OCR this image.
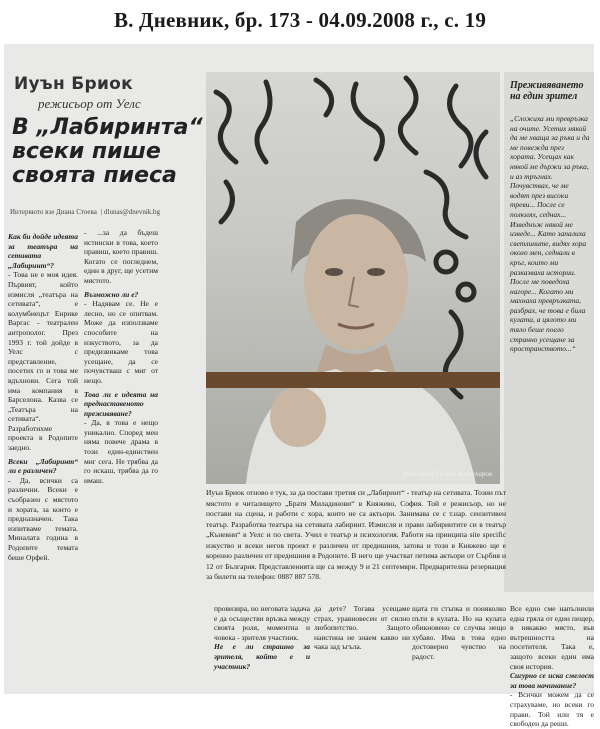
В. Дневник, бр. 173 - 04.09.2008 г., с. 19
Иуън Бриок
режисьор от Уелс
В „Лабиринта“ всеки пише своята пиеса
Интервюто взе Диана Стоева | dlunas@dnevnik.bg
Фотограф Георги Кожухаров
Преживяването на един зрител
„Сложиха ми превръзка на очите. Усетих някой да ме хваща за ръка и да ме повежда през хората. Усещах как някой ме държи за ръка, и аз тръгнах. Почувствах, че ме водят през високи треви... После се полюлях, седнах... Изведнъж някой ме изведе... Като запалиха светлините, видях хора около мен, седнали в кръг, които ми разказваха истории. После ме поведоха нагоре... Когато ми махнаха превръзката, разбрах, че това е била кулата, а цялото ми тяло беше поело странно усещане за пространството...“
Как би дойде идеята за театъра на сетивата „Лабиринт“?
- Това не е моя идея. Първият, който измисля „театъра на сетивата“, е колумбиецът Енрике Варгас - театрален антрополог. През 1993 г. той дойде в Уелс с представление, посетих го и това ме вдъхнови. Сега той има компания в Барселона. Казва се „Театъра на сетивата“. Разработихме проекта в Родопите заедно.
Всеки „Лабиринт“ ли е различен?
- Да, всички са различни. Всеки е съобразен с мястото и хората, за които е предназначен. Така изпитваме темата. Миналата година в Родопите темата беше Орфей.
- ...за да бъдеш истински в това, което правиш, което правиш. Когато се погледнем, един в друг, ще усетим мястото.
Възможно ли е?
- Надявам се. Не е лесно, но се опитвам. Може да използваме способите на изкуството, за да предизвикаме това усещане, да се почувстваш с миг от нещо.
Това ли е идеята на преднаставеното преживяване?
- Да, в това е нещо уникално. Според мен няма повече драма в този един-единствен миг сега. Не трябва да го искаш, трябва да го имаш.
Иуън Бриок отново е тук, за да постави третия си „Лабиринт“ - театър на сетивата. Тозии път мястото е читалището „Братя Миладинови“ в Княжево, София. Той е режисьор, но не постави на сцена, и работи с хора, които не са актьори. Занимава се с т.нар. сензитивен театър. Разработва театъра на сетивата лабиринт. Измисля и прави лабиринтите си в театър „Къневни“ в Уелс и по света. Учил е театър и психология. Работи на принципа site specific изкуство и всеки негов проект е различен от предишния, затова и този в Княжево ще е коренно различен от предишния в Родопите. В него ще участват петима актьори от Сърбия и 12 от България. Представленията ще са между 9 и 21 септември. Предварителна резервация за билети на телефон: 0887 887 578.
провизира, но неговата задача е да осъществи връзка между своята роля, моментна и човека - зрителя участник.
Не е ли страшно за зрителя, който е и участник?
да дете? Тогава усещаме страх, уравновесен от силно любопитство. Защото наистина не знаем какво ни чака зад ъгъла.
щата ги стъпка и поняколко пъти в кулата. Но на кулата обикновено се случва нещо хубаво. Има в това едно достоверно чувство на радост.
Все едно сме напълнили една гряла от един пещер, в някакво място, във вътрешността на посетителя. Така е, защото всеки един има своя история.
Сигурно се иска смелост за това начинание?
- Всички можем да се страхуваме, но всеки го прави. Той или тя е свободен да реши.
